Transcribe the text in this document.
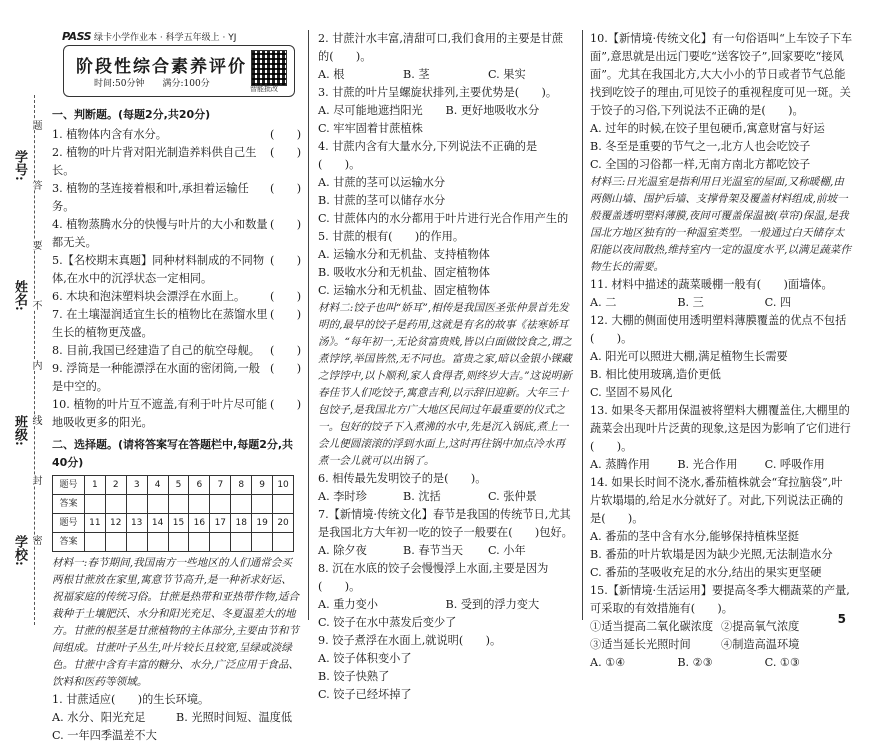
学号:
姓名:
班级:
学校:
题
答
要
不
内
线
封
密
PASS 绿卡小学作业本 · 科学五年级上 · YJ
阶段性综合素养评价
时间:50分钟　　满分:100分	智能批改
一、判断题。(每题2分,共20分)
1. 植物体内含有水分。	(　　)
2. 植物的叶片背对阳光制造养料供自己生长。
(　　)
3. 植物的茎连接着根和叶,承担着运输任务。
(　　)
4. 植物蒸腾水分的快慢与叶片的大小和数量都无关。
(　　)
5.【名校期末真题】同种材料制成的不同物体,在水中的沉浮状态一定相同。
(　　)
6. 木块和泡沫塑料块会漂浮在水面上。	(　　)
7. 在土壤湿润适宜生长的植物比在蒸馏水里生长的植物更茂盛。
(　　)
8. 目前,我国已经建造了自己的航空母舰。 (　　)
9. 浮筒是一种能漂浮在水面的密闭筒,一般是中空的。
(　　)
10. 植物的叶片互不遮盖,有利于叶片尽可能地吸收更多的阳光。
(　　)
二、选择题。(请将答案写在答题栏中,每题2分,共40分)
题号	1	2	3	4	5	6	7	8	9	10
答案										
题号	11	12	13	14	15	16	17	18	19	20
答案										
材料一:春节期间,我国南方一些地区的人们通常会买两根甘蔗放在家里,寓意节节高升,是一种祈求好运、祝福家庭的传统习俗。甘蔗是热带和亚热带作物,适合栽种于土壤肥沃、水分和阳光充足、冬夏温差大的地方。甘蔗的根茎是甘蔗植物的主体部分,主要由节和节间组成。甘蔗叶子丛生,叶片较长且较宽,呈绿或淡绿色。甘蔗中含有丰富的糖分、水分,广泛应用于食品、饮料和医药等领域。
1. 甘蔗适应(　　)的生长环境。
A. 水分、阳光充足	B. 光照时间短、温度低
C. 一年四季温差不大
2. 甘蔗汁水丰富,清甜可口,我们食用的主要是甘蔗的(　　)。
A. 根	B. 茎	C. 果实
3. 甘蔗的叶片呈螺旋状排列,主要优势是(　　)。
A. 尽可能地遮挡阳光	B. 更好地吸收水分
C. 牢牢固着甘蔗植株
4. 甘蔗内含有大量水分,下列说法不正确的是(　　)。
A. 甘蔗的茎可以运输水分
B. 甘蔗的茎可以储存水分
C. 甘蔗体内的水分都用于叶片进行光合作用产生的
5. 甘蔗的根有(　　)的作用。
A. 运输水分和无机盐、支持植物体
B. 吸收水分和无机盐、固定植物体
C. 运输水分和无机盐、固定植物体
材料二:饺子也叫“娇耳”,相传是我国医圣张仲景首先发明的,最早的饺子是药用,这就是有名的故事《祛寒娇耳汤》。“每年初一,无论贫富贵贱,皆以白面做饺食之,谓之煮饽饽,举国皆然,无不同也。富贵之家,暗以金银小锞藏之饽饽中,以卜顺利,家人食得者,则终岁大吉。”这说明新春佳节人们吃饺子,寓意吉利,以示辞旧迎新。大年三十包饺子,是我国北方广大地区民间过年最重要的仪式之一。包好的饺子下入煮沸的水中,先是沉入锅底,煮上一会儿便圆滚滚的浮到水面上,这时再往锅中加点冷水再煮一会儿就可以出锅了。
6. 相传最先发明饺子的是(　　)。
A. 李时珍	B. 沈括	C. 张仲景
7.【新情境·传统文化】春节是我国的传统节日,尤其是我国北方大年初一吃的饺子一般要在(　　)包好。
A. 除夕夜	B. 春节当天	C. 小年
8. 沉在水底的饺子会慢慢浮上水面,主要是因为(　　)。
A. 重力变小	B. 受到的浮力变大
C. 饺子在水中蒸发后变少了
9. 饺子煮浮在水面上,就说明(　　)。
A. 饺子体积变小了
B. 饺子快熟了
C. 饺子已经坏掉了
10.【新情境·传统文化】有一句俗语叫“上车饺子下车面”,意思就是出远门要吃“送客饺子”,回家要吃“接风面”。尤其在我国北方,大大小小的节日或者节气总能找到吃饺子的理由,可见饺子的重视程度可见一斑。关于饺子的习俗,下列说法不正确的是(　　)。
A. 过年的时候,在饺子里包硬币,寓意财富与好运
B. 冬至是重要的节气之一,北方人也会吃饺子
C. 全国的习俗都一样,无南方南北方都吃饺子
材料三:日光温室是指利用日光温室的屋面,又称暖棚,由两侧山墙、围护后墙、支撑骨架及覆盖材料组成,前坡一般覆盖透明塑料薄膜,夜间可覆盖保温被(草帘)保温,是我国北方地区独有的一种温室类型。一般通过白天储存太阳能以夜间散热,维持室内一定的温度水平,以满足蔬菜作物生长的需要。
11. 材料中描述的蔬菜暖棚一般有(　　)面墙体。
A. 二	B. 三	C. 四
12. 大棚的侧面使用透明塑料薄膜覆盖的优点不包括(　　)。
A. 阳光可以照进大棚,满足植物生长需要
B. 相比使用玻璃,造价更低
C. 坚固不易风化
13. 如果冬天都用保温被将塑料大棚覆盖住,大棚里的蔬菜会出现叶片泛黄的现象,这是因为影响了它们进行(　　)。
A. 蒸腾作用	B. 光合作用	C. 呼吸作用
14. 如果长时间不浇水,番茄植株就会“耷拉脑袋”,叶片软塌塌的,给足水分就好了。对此,下列说法正确的是(　　)。
A. 番茄的茎中含有水分,能够保持植株坚挺
B. 番茄的叶片软塌是因为缺少光照,无法制造水分
C. 番茄的茎吸收充足的水分,结出的果实更坚硬
15.【新情境·生活运用】要提高冬季大棚蔬菜的产量,可采取的有效措施有(　　)。
①适当提高二氧化碳浓度 ②提高氧气浓度
③适当延长光照时间	④制造高温环境
A. ①④	B. ②③	C. ①③
5
